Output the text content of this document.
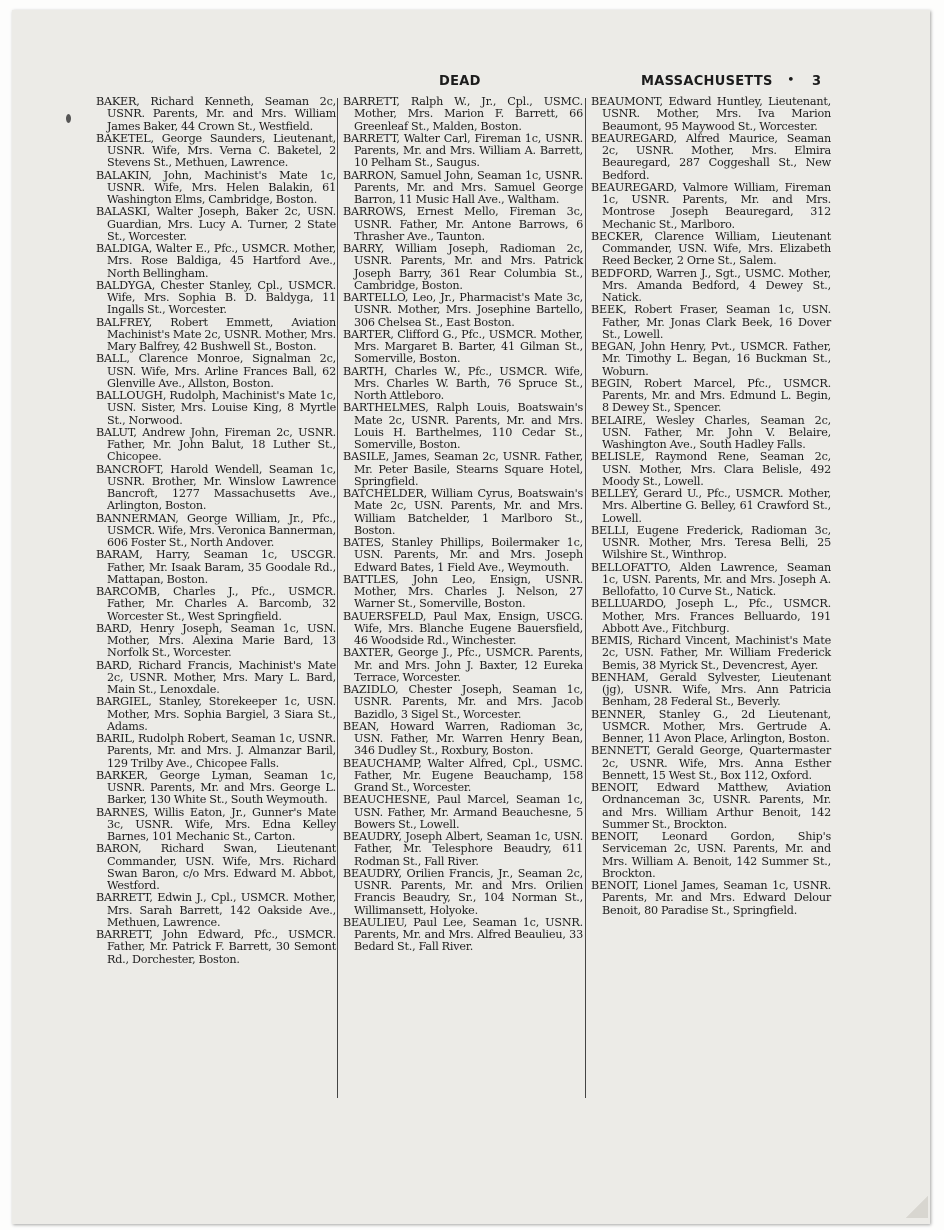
DEAD	MASSACHUSETTS • 3

BAKER, Richard Kenneth, Seaman 2c, USNR. Parents, Mr. and Mrs. William James Baker, 44 Crown St., Westfield.

BAKETEL, George Saunders, Lieutenant, USNR. Wife, Mrs. Verna C. Baketel, 2 Stevens St., Methuen, Lawrence.

BALAKIN, John, Machinist's Mate 1c, USNR. Wife, Mrs. Helen Balakin, 61 Washington Elms, Cambridge, Boston.

BALASKI, Walter Joseph, Baker 2c, USN. Guardian, Mrs. Lucy A. Turner, 2 State St., Worcester.

BALDIGA, Walter E., Pfc., USMCR. Mother, Mrs. Rose Baldiga, 45 Hartford Ave., North Bellingham.

BALDYGA, Chester Stanley, Cpl., USMCR. Wife, Mrs. Sophia B. D. Baldyga, 11 Ingalls St., Worcester.

BALFREY, Robert Emmett, Aviation Machinist's Mate 2c, USNR. Mother, Mrs. Mary Balfrey, 42 Bushwell St., Boston.

BALL, Clarence Monroe, Signalman 2c, USN. Wife, Mrs. Arline Frances Ball, 62 Glenville Ave., Allston, Boston.

BALLOUGH, Rudolph, Machinist's Mate 1c, USN. Sister, Mrs. Louise King, 8 Myrtle St., Norwood.

BALUT, Andrew John, Fireman 2c, USNR. Father, Mr. John Balut, 18 Luther St., Chicopee.

BANCROFT, Harold Wendell, Seaman 1c, USNR. Brother, Mr. Winslow Lawrence Bancroft, 1277 Massachusetts Ave., Arlington, Boston.

BANNERMAN, George William, Jr., Pfc., USMCR. Wife, Mrs. Veronica Bannerman, 606 Foster St., North Andover.

BARAM, Harry, Seaman 1c, USCGR. Father, Mr. Isaak Baram, 35 Goodale Rd., Mattapan, Boston.

BARCOMB, Charles J., Pfc., USMCR. Father, Mr. Charles A. Barcomb, 32 Worcester St., West Springfield.

BARD, Henry Joseph, Seaman 1c, USN. Mother, Mrs. Alexina Marie Bard, 13 Norfolk St., Worcester.

BARD, Richard Francis, Machinist's Mate 2c, USNR. Mother, Mrs. Mary L. Bard, Main St., Lenoxdale.

BARGIEL, Stanley, Storekeeper 1c, USN. Mother, Mrs. Sophia Bargiel, 3 Siara St., Adams.

BARIL, Rudolph Robert, Seaman 1c, USNR. Parents, Mr. and Mrs. J. Almanzar Baril, 129 Trilby Ave., Chicopee Falls.

BARKER, George Lyman, Seaman 1c, USNR. Parents, Mr. and Mrs. George L. Barker, 130 White St., South Weymouth.

BARNES, Willis Eaton, Jr., Gunner's Mate 3c, USNR. Wife, Mrs. Edna Kelley Barnes, 101 Mechanic St., Carton.

BARON, Richard Swan, Lieutenant Commander, USN. Wife, Mrs. Richard Swan Baron, c/o Mrs. Edward M. Abbot, Westford.

BARRETT, Edwin J., Cpl., USMCR. Mother, Mrs. Sarah Barrett, 142 Oakside Ave., Methuen, Lawrence.

BARRETT, John Edward, Pfc., USMCR. Father, Mr. Patrick F. Barrett, 30 Semont Rd., Dorchester, Boston.

BARRETT, Ralph W., Jr., Cpl., USMC. Mother, Mrs. Marion F. Barrett, 66 Greenleaf St., Malden, Boston.

BARRETT, Walter Carl, Fireman 1c, USNR. Parents, Mr. and Mrs. William A. Barrett, 10 Pelham St., Saugus.

BARRON, Samuel John, Seaman 1c, USNR. Parents, Mr. and Mrs. Samuel George Barron, 11 Music Hall Ave., Waltham.

BARROWS, Ernest Mello, Fireman 3c, USNR. Father, Mr. Antone Barrows, 6 Thrasher Ave., Taunton.

BARRY, William Joseph, Radioman 2c, USNR. Parents, Mr. and Mrs. Patrick Joseph Barry, 361 Rear Columbia St., Cambridge, Boston.

BARTELLO, Leo, Jr., Pharmacist's Mate 3c, USNR. Mother, Mrs. Josephine Bartello, 306 Chelsea St., East Boston.

BARTER, Clifford G., Pfc., USMCR. Mother, Mrs. Margaret B. Barter, 41 Gilman St., Somerville, Boston.

BARTH, Charles W., Pfc., USMCR. Wife, Mrs. Charles W. Barth, 76 Spruce St., North Attleboro.

BARTHELMES, Ralph Louis, Boatswain's Mate 2c, USNR. Parents, Mr. and Mrs. Louis H. Barthelmes, 110 Cedar St., Somerville, Boston.

BASILE, James, Seaman 2c, USNR. Father, Mr. Peter Basile, Stearns Square Hotel, Springfield.

BATCHELDER, William Cyrus, Boatswain's Mate 2c, USN. Parents, Mr. and Mrs. William Batchelder, 1 Marlboro St., Boston.

BATES, Stanley Phillips, Boilermaker 1c, USN. Parents, Mr. and Mrs. Joseph Edward Bates, 1 Field Ave., Weymouth.

BATTLES, John Leo, Ensign, USNR. Mother, Mrs. Charles J. Nelson, 27 Warner St., Somerville, Boston.

BAUERSFELD, Paul Max, Ensign, USCG. Wife, Mrs. Blanche Eugene Bauersfield, 46 Woodside Rd., Winchester.

BAXTER, George J., Pfc., USMCR. Parents, Mr. and Mrs. John J. Baxter, 12 Eureka Terrace, Worcester.

BAZIDLO, Chester Joseph, Seaman 1c, USNR. Parents, Mr. and Mrs. Jacob Bazidlo, 3 Sigel St., Worcester.

BEAN, Howard Warren, Radioman 3c, USN. Father, Mr. Warren Henry Bean, 346 Dudley St., Roxbury, Boston.

BEAUCHAMP, Walter Alfred, Cpl., USMC. Father, Mr. Eugene Beauchamp, 158 Grand St., Worcester.

BEAUCHESNE, Paul Marcel, Seaman 1c, USN. Father, Mr. Armand Beauchesne, 5 Bowers St., Lowell.

BEAUDRY, Joseph Albert, Seaman 1c, USN. Father, Mr. Telesphore Beaudry, 611 Rodman St., Fall River.

BEAUDRY, Orilien Francis, Jr., Seaman 2c, USNR. Parents, Mr. and Mrs. Orilien Francis Beaudry, Sr., 104 Norman St., Willimansett, Holyoke.

BEAULIEU, Paul Lee, Seaman 1c, USNR. Parents, Mr. and Mrs. Alfred Beaulieu, 33 Bedard St., Fall River.

BEAUMONT, Edward Huntley, Lieutenant, USNR. Mother, Mrs. Iva Marion Beaumont, 95 Maywood St., Worcester.

BEAUREGARD, Alfred Maurice, Seaman 2c, USNR. Mother, Mrs. Elmira Beauregard, 287 Coggeshall St., New Bedford.

BEAUREGARD, Valmore William, Fireman 1c, USNR. Parents, Mr. and Mrs. Montrose Joseph Beauregard, 312 Mechanic St., Marlboro.

BECKER, Clarence William, Lieutenant Commander, USN. Wife, Mrs. Elizabeth Reed Becker, 2 Orne St., Salem.

BEDFORD, Warren J., Sgt., USMC. Mother, Mrs. Amanda Bedford, 4 Dewey St., Natick.

BEEK, Robert Fraser, Seaman 1c, USN. Father, Mr. Jonas Clark Beek, 16 Dover St., Lowell.

BEGAN, John Henry, Pvt., USMCR. Father, Mr. Timothy L. Began, 16 Buckman St., Woburn.

BEGIN, Robert Marcel, Pfc., USMCR. Parents, Mr. and Mrs. Edmund L. Begin, 8 Dewey St., Spencer.

BELAIRE, Wesley Charles, Seaman 2c, USN. Father, Mr. John V. Belaire, Washington Ave., South Hadley Falls.

BELISLE, Raymond Rene, Seaman 2c, USN. Mother, Mrs. Clara Belisle, 492 Moody St., Lowell.

BELLEY, Gerard U., Pfc., USMCR. Mother, Mrs. Albertine G. Belley, 61 Crawford St., Lowell.

BELLI, Eugene Frederick, Radioman 3c, USNR. Mother, Mrs. Teresa Belli, 25 Wilshire St., Winthrop.

BELLOFATTO, Alden Lawrence, Seaman 1c, USN. Parents, Mr. and Mrs. Joseph A. Bellofatto, 10 Curve St., Natick.

BELLUARDO, Joseph L., Pfc., USMCR. Mother, Mrs. Frances Belluardo, 191 Abbott Ave., Fitchburg.

BEMIS, Richard Vincent, Machinist's Mate 2c, USN. Father, Mr. William Frederick Bemis, 38 Myrick St., Devencrest, Ayer.

BENHAM, Gerald Sylvester, Lieutenant (jg), USNR. Wife, Mrs. Ann Patricia Benham, 28 Federal St., Beverly.

BENNER, Stanley G., 2d Lieutenant, USMCR. Mother, Mrs. Gertrude A. Benner, 11 Avon Place, Arlington, Boston.

BENNETT, Gerald George, Quartermaster 2c, USNR. Wife, Mrs. Anna Esther Bennett, 15 West St., Box 112, Oxford.

BENOIT, Edward Matthew, Aviation Ordnanceman 3c, USNR. Parents, Mr. and Mrs. William Arthur Benoit, 142 Summer St., Brockton.

BENOIT, Leonard Gordon, Ship's Serviceman 2c, USN. Parents, Mr. and Mrs. William A. Benoit, 142 Summer St., Brockton.

BENOIT, Lionel James, Seaman 1c, USNR. Parents, Mr. and Mrs. Edward Delour Benoit, 80 Paradise St., Springfield.
